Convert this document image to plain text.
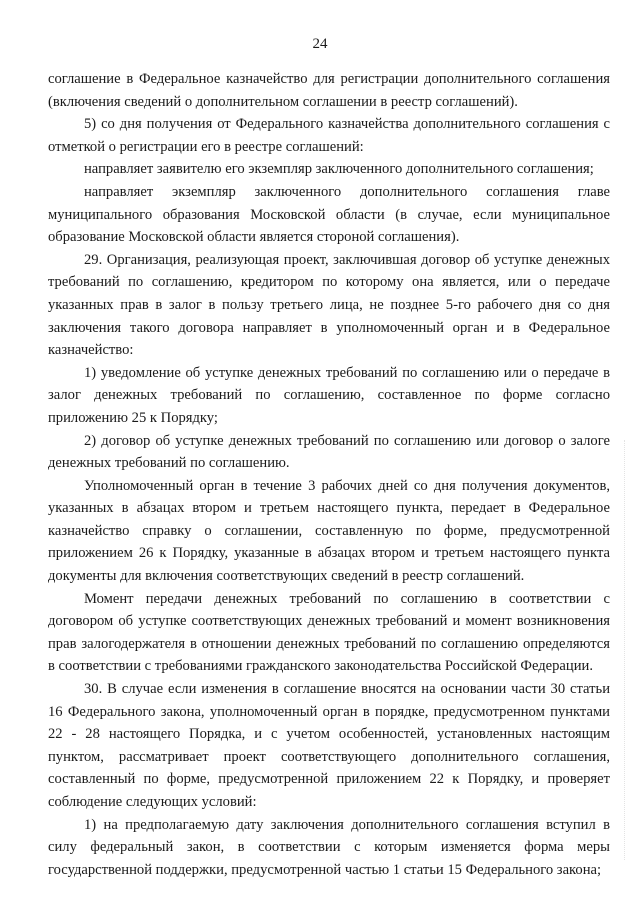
24

соглашение в Федеральное казначейство для регистрации дополнительного соглашения (включения сведений о дополнительном соглашении в реестр соглашений).

5) со дня получения от Федерального казначейства дополнительного соглашения с отметкой о регистрации его в реестре соглашений:

направляет заявителю его экземпляр заключенного дополнительного соглашения;

направляет экземпляр заключенного дополнительного соглашения главе муниципального образования Московской области (в случае, если муниципальное образование Московской области является стороной соглашения).

29. Организация, реализующая проект, заключившая договор об уступке денежных требований по соглашению, кредитором по которому она является, или о передаче указанных прав в залог в пользу третьего лица, не позднее 5-го рабочего дня со дня заключения такого договора направляет в уполномоченный орган и в Федеральное казначейство:

1) уведомление об уступке денежных требований по соглашению или о передаче в залог денежных требований по соглашению, составленное по форме согласно приложению 25 к Порядку;

2) договор об уступке денежных требований по соглашению или договор о залоге денежных требований по соглашению.

Уполномоченный орган в течение 3 рабочих дней со дня получения документов, указанных в абзацах втором и третьем настоящего пункта, передает в Федеральное казначейство справку о соглашении, составленную по форме, предусмотренной приложением 26 к Порядку, указанные в абзацах втором и третьем настоящего пункта документы для включения соответствующих сведений в реестр соглашений.

Момент передачи денежных требований по соглашению в соответствии с договором об уступке соответствующих денежных требований и момент возникновения прав залогодержателя в отношении денежных требований по соглашению определяются в соответствии с требованиями гражданского законодательства Российской Федерации.

30. В случае если изменения в соглашение вносятся на основании части 30 статьи 16 Федерального закона, уполномоченный орган в порядке, предусмотренном пунктами 22 - 28 настоящего Порядка, и с учетом особенностей, установленных настоящим пунктом, рассматривает проект соответствующего дополнительного соглашения, составленный по форме, предусмотренной приложением 22 к Порядку, и проверяет соблюдение следующих условий:

1) на предполагаемую дату заключения дополнительного соглашения вступил в силу федеральный закон, в соответствии с которым изменяется форма меры государственной поддержки, предусмотренной частью 1 статьи 15 Федерального закона;
